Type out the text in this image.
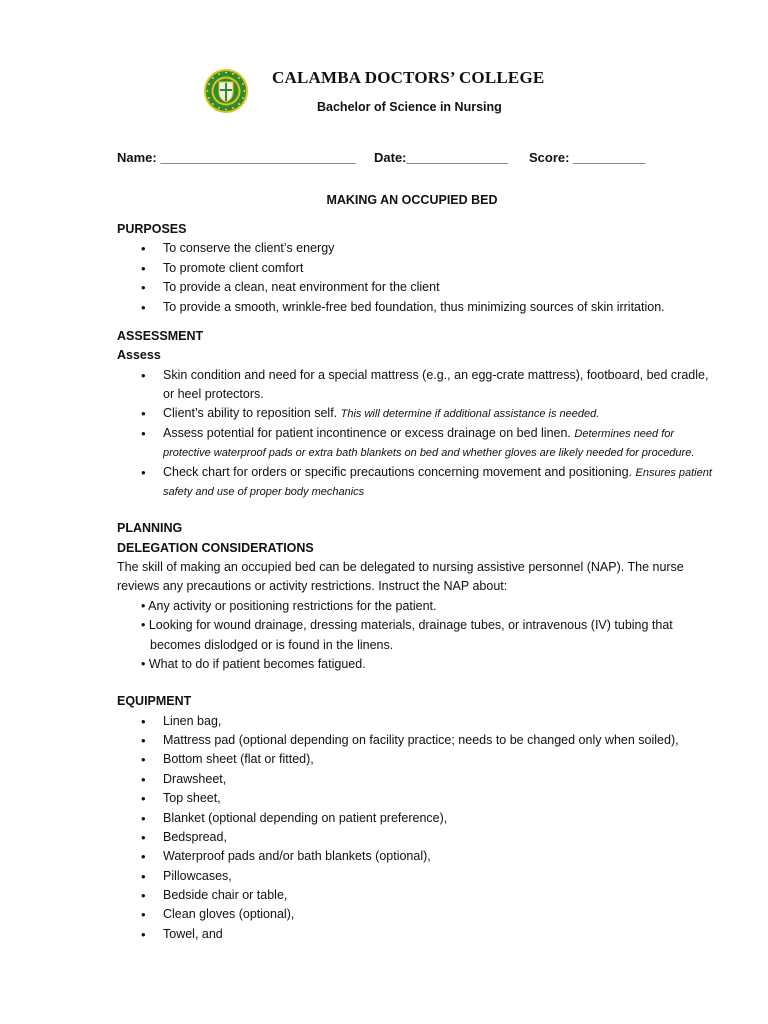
CALAMBA DOCTORS’ COLLEGE
Bachelor of Science in Nursing
Name: ___________________________ Date:______________ Score: __________
MAKING AN OCCUPIED BED

PURPOSES

• To conserve the client’s energy
• To promote client comfort
• To provide a clean, neat environment for the client
• To provide a smooth, wrinkle-free bed foundation, thus minimizing sources of skin irritation.

ASSESSMENT

Assess

• Skin condition and need for a special mattress (e.g., an egg-crate mattress), footboard, bed cradle, or heel protectors.
• Client’s ability to reposition self. This will determine if additional assistance is needed.
• Assess potential for patient incontinence or excess drainage on bed linen. Determines need for protective waterproof pads or extra bath blankets on bed and whether gloves are likely needed for procedure.
• Check chart for orders or specific precautions concerning movement and positioning. Ensures patient safety and use of proper body mechanics

PLANNING

DELEGATION CONSIDERATIONS

The skill of making an occupied bed can be delegated to nursing assistive personnel (NAP). The nurse reviews any precautions or activity restrictions. Instruct the NAP about:

• Any activity or positioning restrictions for the patient.
• Looking for wound drainage, dressing materials, drainage tubes, or intravenous (IV) tubing that becomes dislodged or is found in the linens.
• What to do if patient becomes fatigued.

EQUIPMENT

• Linen bag,
• Mattress pad (optional depending on facility practice; needs to be changed only when soiled),
• Bottom sheet (flat or fitted),
• Drawsheet,
• Top sheet,
• Blanket (optional depending on patient preference),
• Bedspread,
• Waterproof pads and/or bath blankets (optional),
• Pillowcases,
• Bedside chair or table,
• Clean gloves (optional),
• Towel, and
